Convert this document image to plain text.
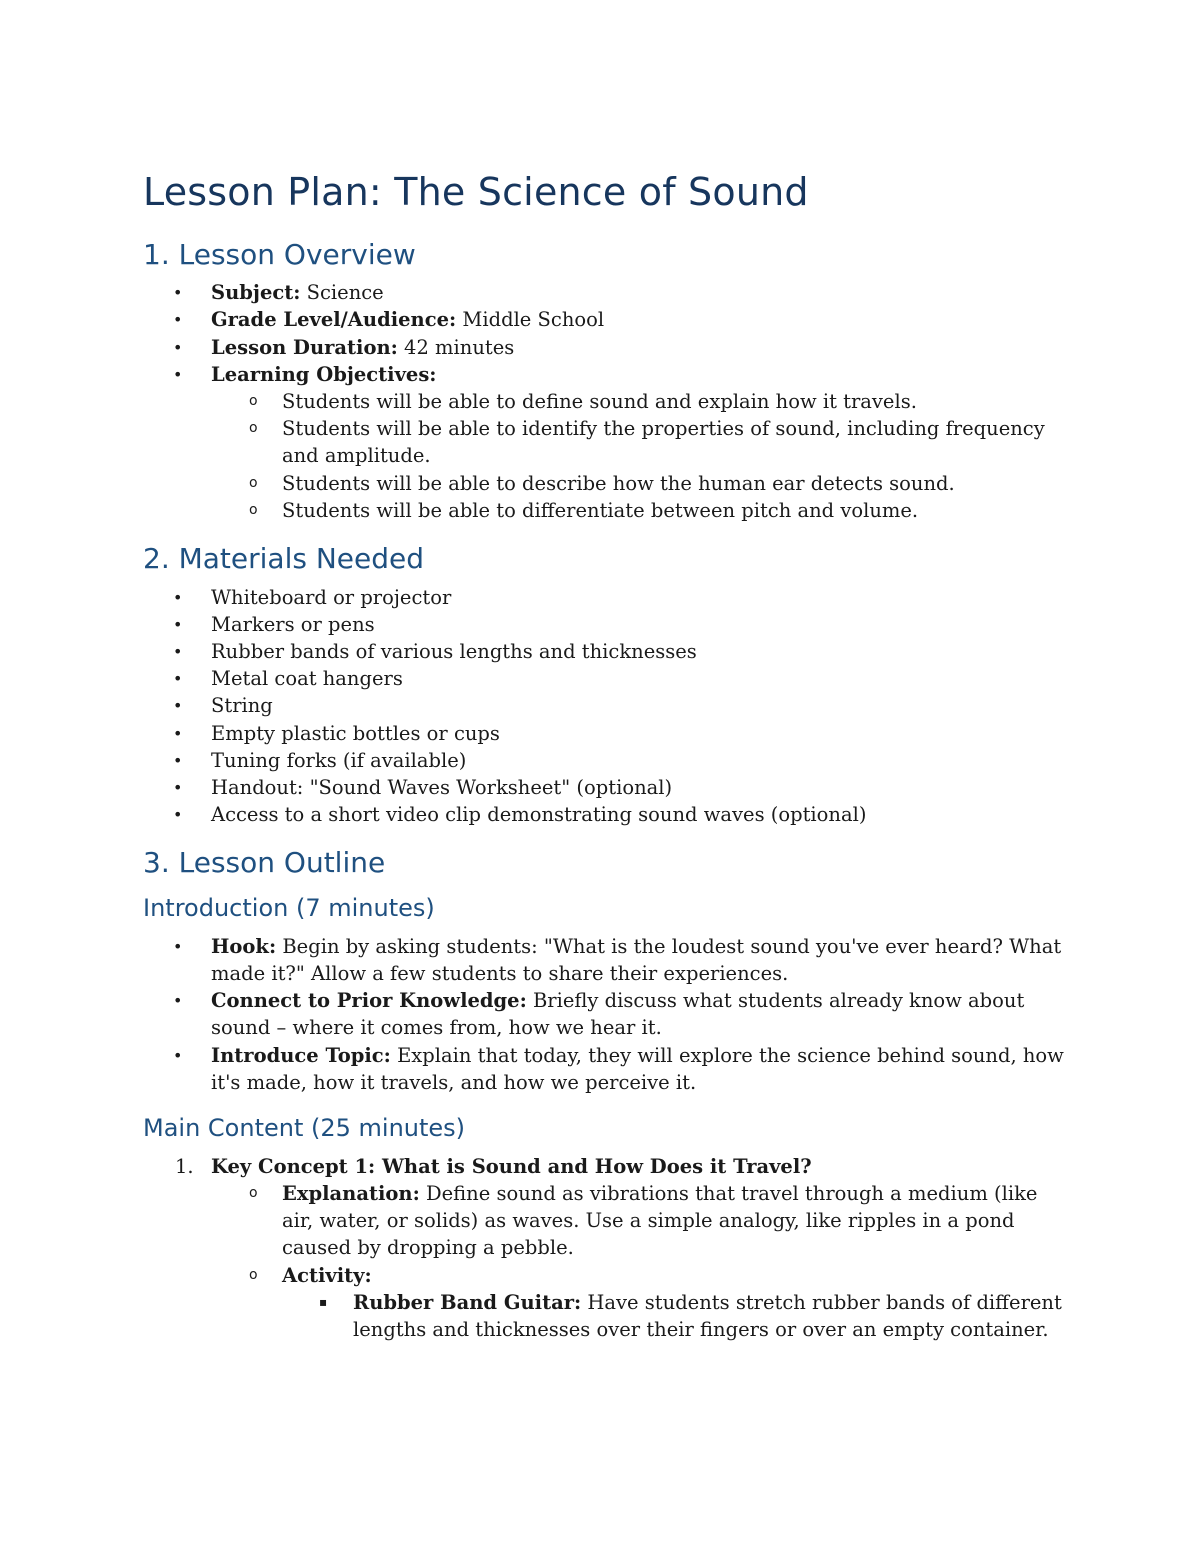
Lesson Plan: The Science of Sound
1. Lesson Overview
• Subject: Science
• Grade Level/Audience: Middle School
• Lesson Duration: 42 minutes
• Learning Objectives:
o Students will be able to define sound and explain how it travels.
o Students will be able to identify the properties of sound, including frequency and amplitude.
o Students will be able to describe how the human ear detects sound.
o Students will be able to differentiate between pitch and volume.
2. Materials Needed
• Whiteboard or projector
• Markers or pens
• Rubber bands of various lengths and thicknesses
• Metal coat hangers
• String
• Empty plastic bottles or cups
• Tuning forks (if available)
• Handout: "Sound Waves Worksheet" (optional)
• Access to a short video clip demonstrating sound waves (optional)
3. Lesson Outline
Introduction (7 minutes)
• Hook: Begin by asking students: "What is the loudest sound you've ever heard? What made it?" Allow a few students to share their experiences.
• Connect to Prior Knowledge: Briefly discuss what students already know about sound – where it comes from, how we hear it.
• Introduce Topic: Explain that today, they will explore the science behind sound, how it's made, how it travels, and how we perceive it.
Main Content (25 minutes)
1. Key Concept 1: What is Sound and How Does it Travel?
o Explanation: Define sound as vibrations that travel through a medium (like air, water, or solids) as waves. Use a simple analogy, like ripples in a pond caused by dropping a pebble.
o Activity:
▪ Rubber Band Guitar: Have students stretch rubber bands of different lengths and thicknesses over their fingers or over an empty container.
